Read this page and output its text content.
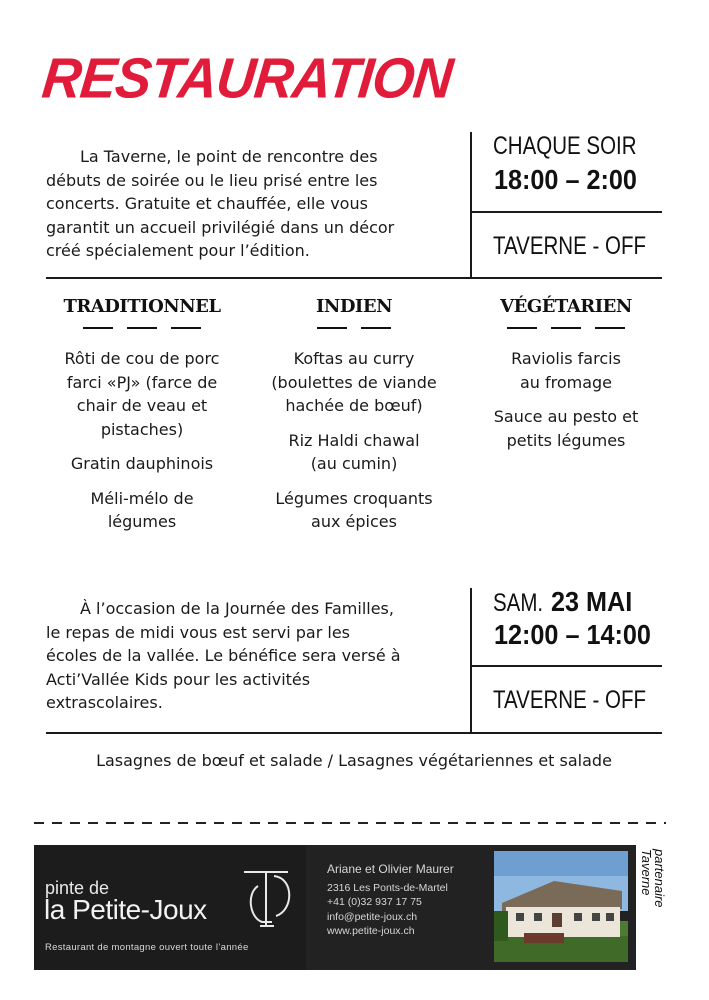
RESTAURATION
La Taverne, le point de rencontre des débuts de soirée ou le lieu prisé entre les concerts. Gratuite et chauffée, elle vous garantit un accueil privilégié dans un décor créé spécialement pour l’édition.
CHAQUE SOIR
18:00 – 2:00
TAVERNE - OFF
TRADITIONNEL
Rôti de cou de porc farci «PJ» (farce de chair de veau et pistaches)
Gratin dauphinois
Méli-mélo de légumes
INDIEN
Koftas au curry (boulettes de viande hachée de bœuf)
Riz Haldi chawal (au cumin)
Légumes croquants aux épices
VÉGÉTARIEN
Raviolis farcis au fromage
Sauce au pesto et petits légumes
À l’occasion de la Journée des Familles, le repas de midi vous est servi par les écoles de la vallée. Le bénéfice sera versé à Acti’Vallée Kids pour les activités extrascolaires.
SAM. 23 MAI
12:00 – 14:00
TAVERNE - OFF
Lasagnes de bœuf et salade / Lasagnes végétariennes et salade
pinte de
la Petite-Joux
Restaurant de montagne ouvert toute l’année
Ariane et Olivier Maurer
2316 Les Ponts-de-Martel
+41 (0)32 937 17 75
info@petite-joux.ch
www.petite-joux.ch
partenaire
Taverne
